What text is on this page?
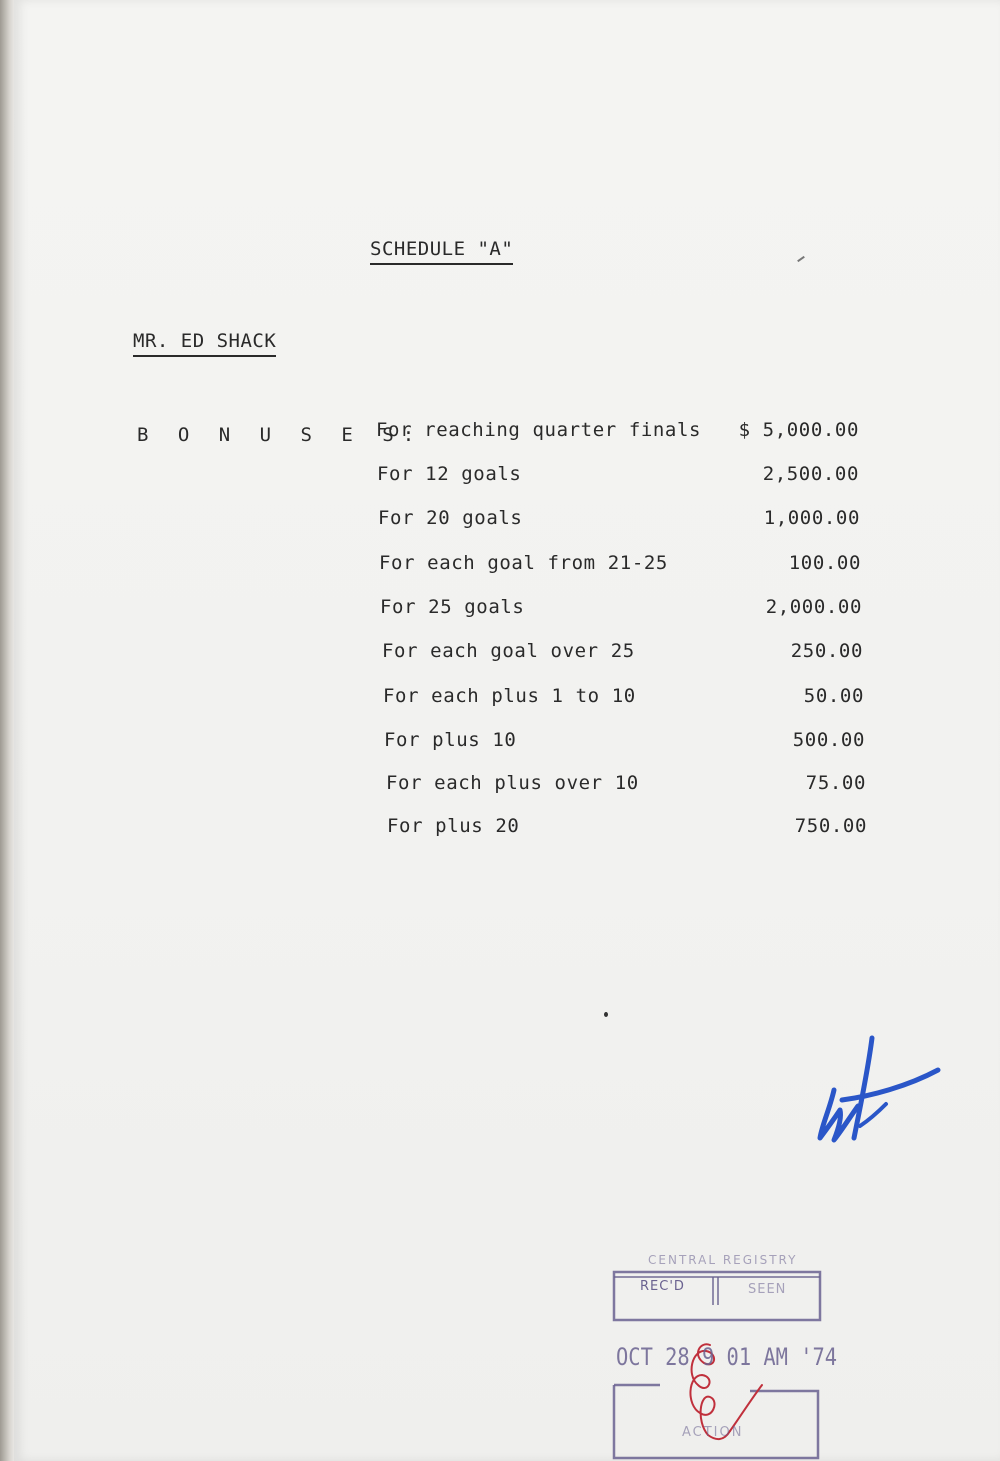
SCHEDULE "A"
MR. ED SHACK
B O N U S E S:
For reaching quarter finals	$ 5,000.00
For 12 goals	2,500.00
For 20 goals	1,000.00
For each goal from 21-25	100.00
For 25 goals	2,000.00
For each goal over 25	250.00
For each plus 1 to 10	50.00
For plus 10	500.00
For each plus over 10	75.00
For plus 20	750.00
CENTRAL REGISTRY
REC'D	SEEN
OCT 28 9 01 AM '74
ACTION
